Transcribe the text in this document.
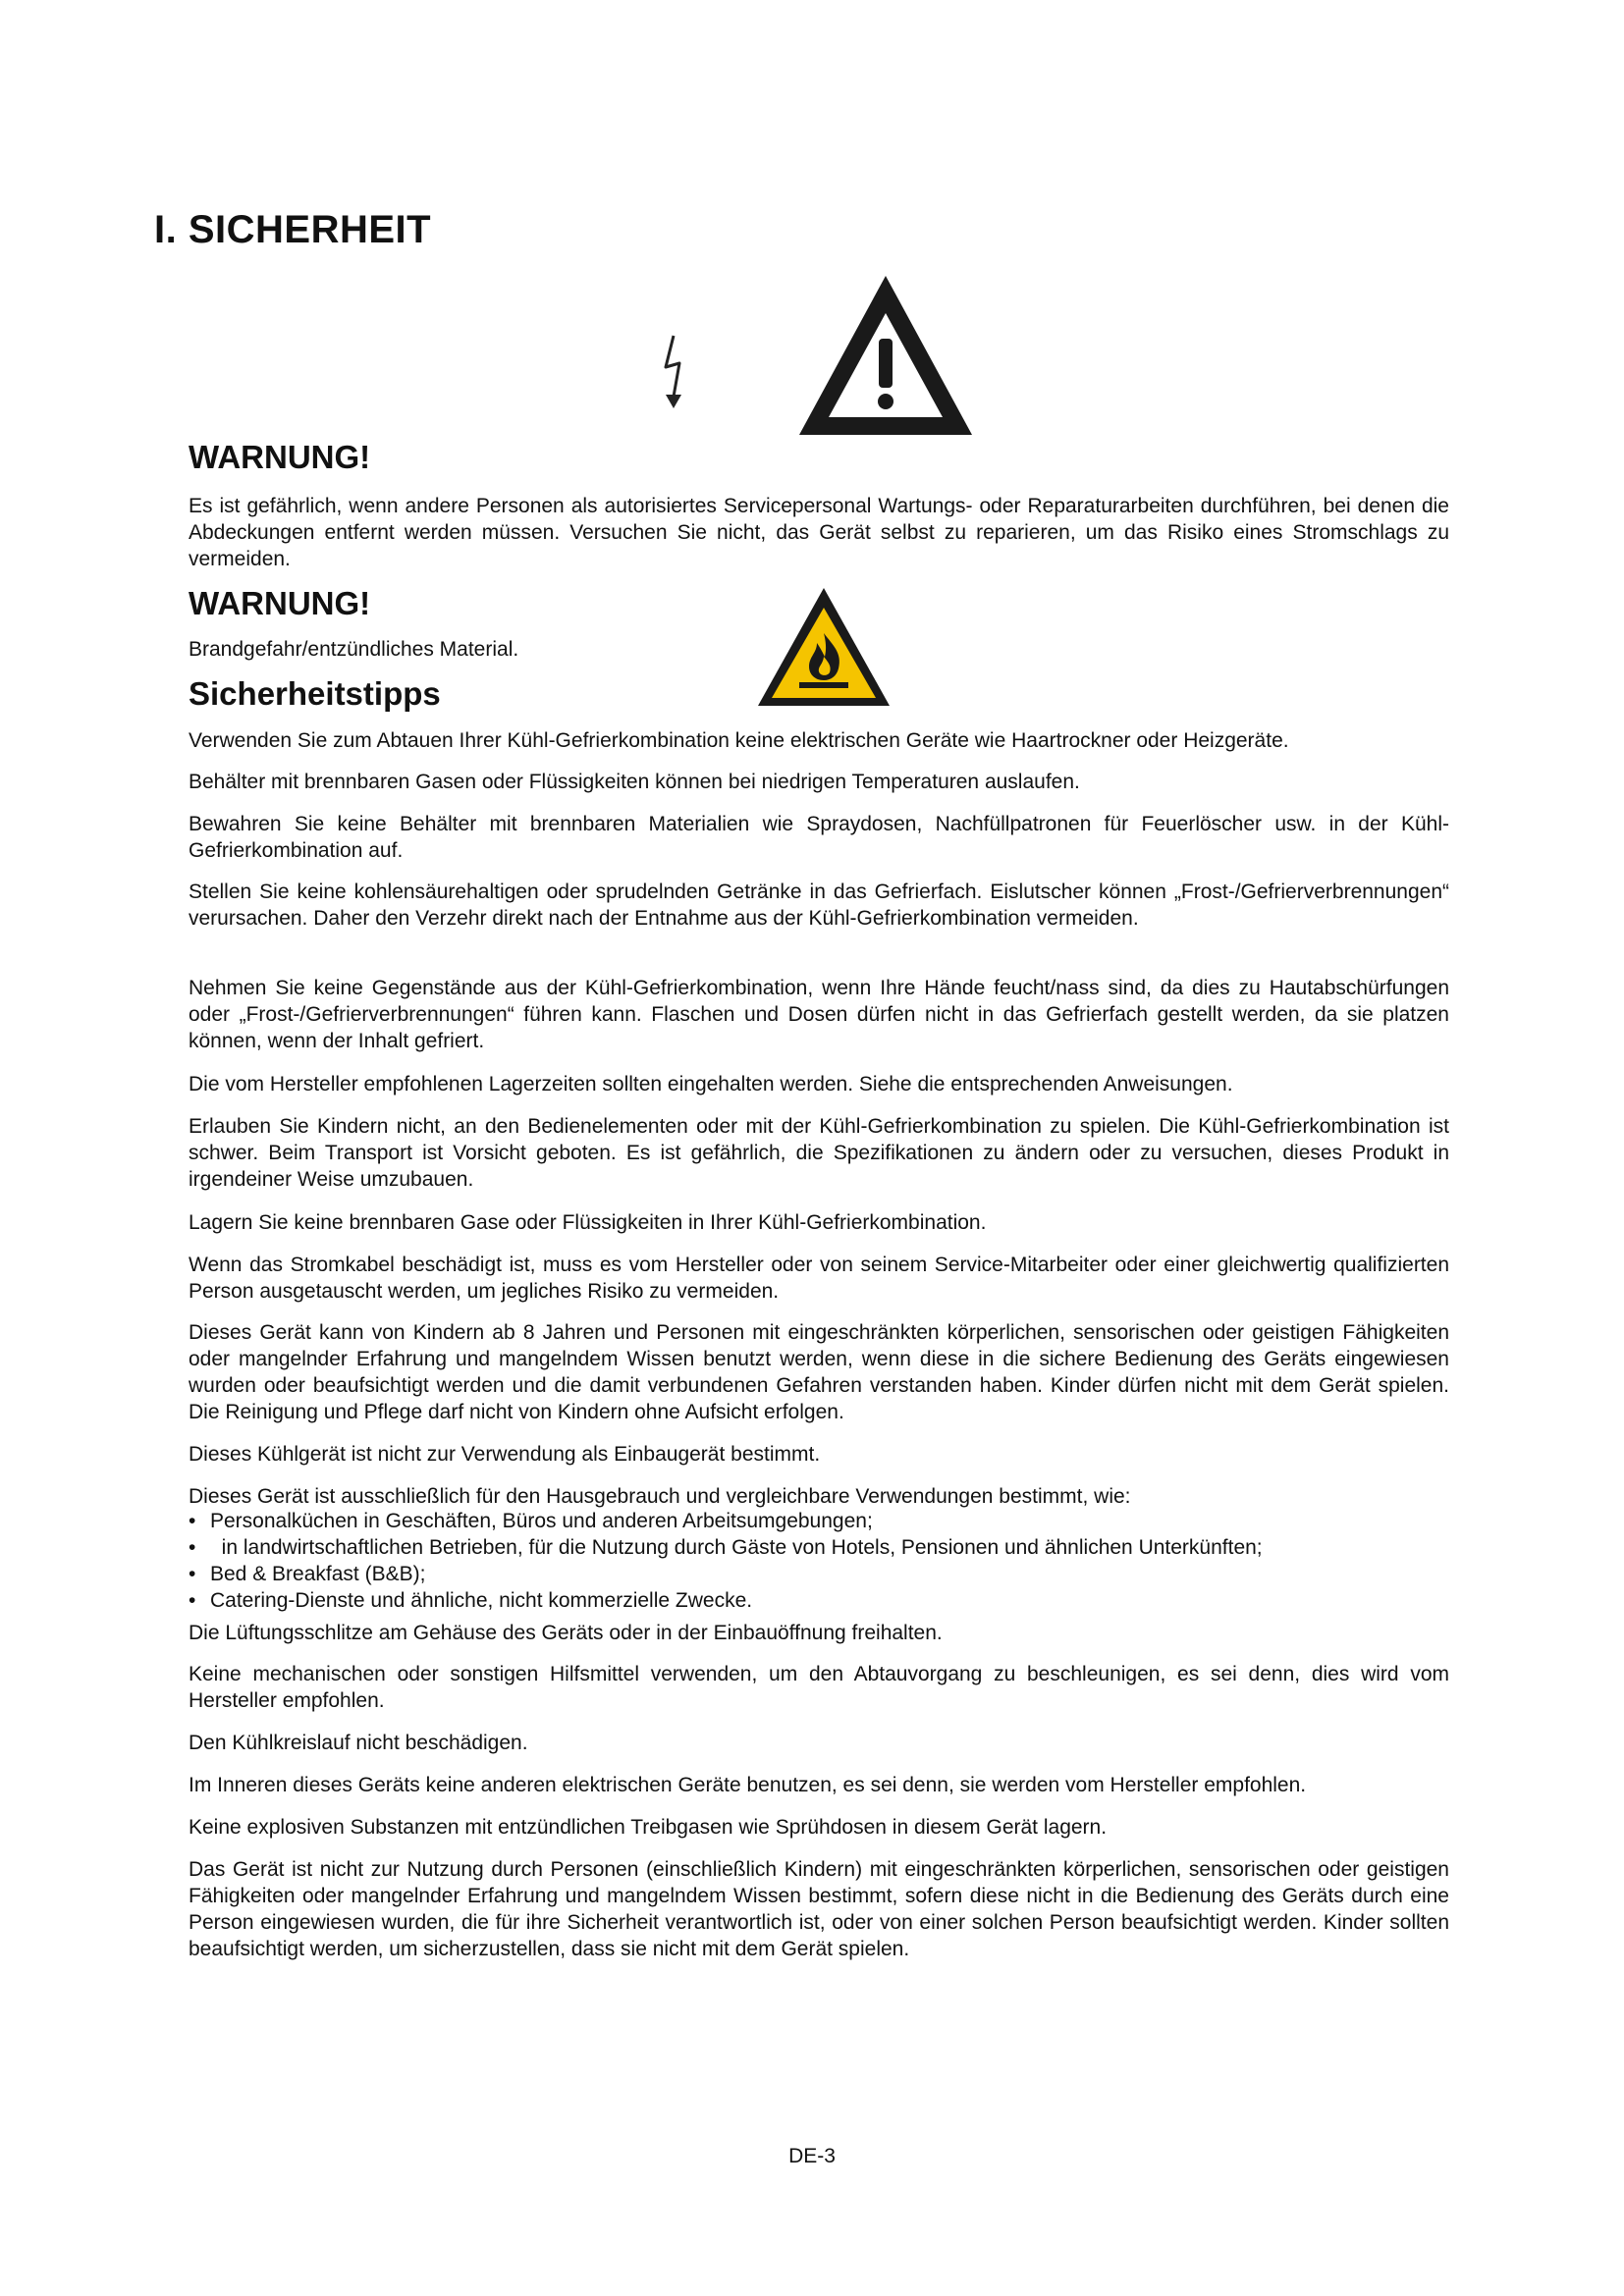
I. SICHERHEIT
WARNUNG!

Es ist gefährlich, wenn andere Personen als autorisiertes Servicepersonal Wartungs- oder Reparaturarbeiten durchführen, bei denen die Abdeckungen entfernt werden müssen. Versuchen Sie nicht, das Gerät selbst zu reparieren, um das Risiko eines Stromschlags zu vermeiden.

WARNUNG!

Brandgefahr/entzündliches Material.

Sicherheitstipps

Verwenden Sie zum Abtauen Ihrer Kühl-Gefrierkombination keine elektrischen Geräte wie Haartrockner oder Heizgeräte.

Behälter mit brennbaren Gasen oder Flüssigkeiten können bei niedrigen Temperaturen auslaufen.

Bewahren Sie keine Behälter mit brennbaren Materialien wie Spraydosen, Nachfüllpatronen für Feuerlöscher usw. in der Kühl-Gefrierkombination auf.

Stellen Sie keine kohlensäurehaltigen oder sprudelnden Getränke in das Gefrierfach. Eislutscher können „Frost-/Gefrierverbrennungen“ verursachen. Daher den Verzehr direkt nach der Entnahme aus der Kühl-Gefrierkombination vermeiden.

Nehmen Sie keine Gegenstände aus der Kühl-Gefrierkombination, wenn Ihre Hände feucht/nass sind, da dies zu Hautabschürfungen oder „Frost-/Gefrierverbrennungen“ führen kann. Flaschen und Dosen dürfen nicht in das Gefrierfach gestellt werden, da sie platzen können, wenn der Inhalt gefriert.

Die vom Hersteller empfohlenen Lagerzeiten sollten eingehalten werden. Siehe die entsprechenden Anweisungen.

Erlauben Sie Kindern nicht, an den Bedienelementen oder mit der Kühl-Gefrierkombination zu spielen. Die Kühl-Gefrierkombination ist schwer. Beim Transport ist Vorsicht geboten. Es ist gefährlich, die Spezifikationen zu ändern oder zu versuchen, dieses Produkt in irgendeiner Weise umzubauen.

Lagern Sie keine brennbaren Gase oder Flüssigkeiten in Ihrer Kühl-Gefrierkombination.

Wenn das Stromkabel beschädigt ist, muss es vom Hersteller oder von seinem Service-Mitarbeiter oder einer gleichwertig qualifizierten Person ausgetauscht werden, um jegliches Risiko zu vermeiden.

Dieses Gerät kann von Kindern ab 8 Jahren und Personen mit eingeschränkten körperlichen, sensorischen oder geistigen Fähigkeiten oder mangelnder Erfahrung und mangelndem Wissen benutzt werden, wenn diese in die sichere Bedienung des Geräts eingewiesen wurden oder beaufsichtigt werden und die damit verbundenen Gefahren verstanden haben. Kinder dürfen nicht mit dem Gerät spielen. Die Reinigung und Pflege darf nicht von Kindern ohne Aufsicht erfolgen.

Dieses Kühlgerät ist nicht zur Verwendung als Einbaugerät bestimmt.

Dieses Gerät ist ausschließlich für den Hausgebrauch und vergleichbare Verwendungen bestimmt, wie:

• Personalküchen in Geschäften, Büros und anderen Arbeitsumgebungen;
•   in landwirtschaftlichen Betrieben, für die Nutzung durch Gäste von Hotels, Pensionen und ähnlichen Unterkünften;
• Bed & Breakfast (B&B);
• Catering-Dienste und ähnliche, nicht kommerzielle Zwecke.

Die Lüftungsschlitze am Gehäuse des Geräts oder in der Einbauöffnung freihalten.

Keine mechanischen oder sonstigen Hilfsmittel verwenden, um den Abtauvorgang zu beschleunigen, es sei denn, dies wird vom Hersteller empfohlen.

Den Kühlkreislauf nicht beschädigen.

Im Inneren dieses Geräts keine anderen elektrischen Geräte benutzen, es sei denn, sie werden vom Hersteller empfohlen.

Keine explosiven Substanzen mit entzündlichen Treibgasen wie Sprühdosen in diesem Gerät lagern.

Das Gerät ist nicht zur Nutzung durch Personen (einschließlich Kindern) mit eingeschränkten körperlichen, sensorischen oder geistigen Fähigkeiten oder mangelnder Erfahrung und mangelndem Wissen bestimmt, sofern diese nicht in die Bedienung des Geräts durch eine Person eingewiesen wurden, die für ihre Sicherheit verantwortlich ist, oder von einer solchen Person beaufsichtigt werden. Kinder sollten beaufsichtigt werden, um sicherzustellen, dass sie nicht mit dem Gerät spielen.

DE-3
